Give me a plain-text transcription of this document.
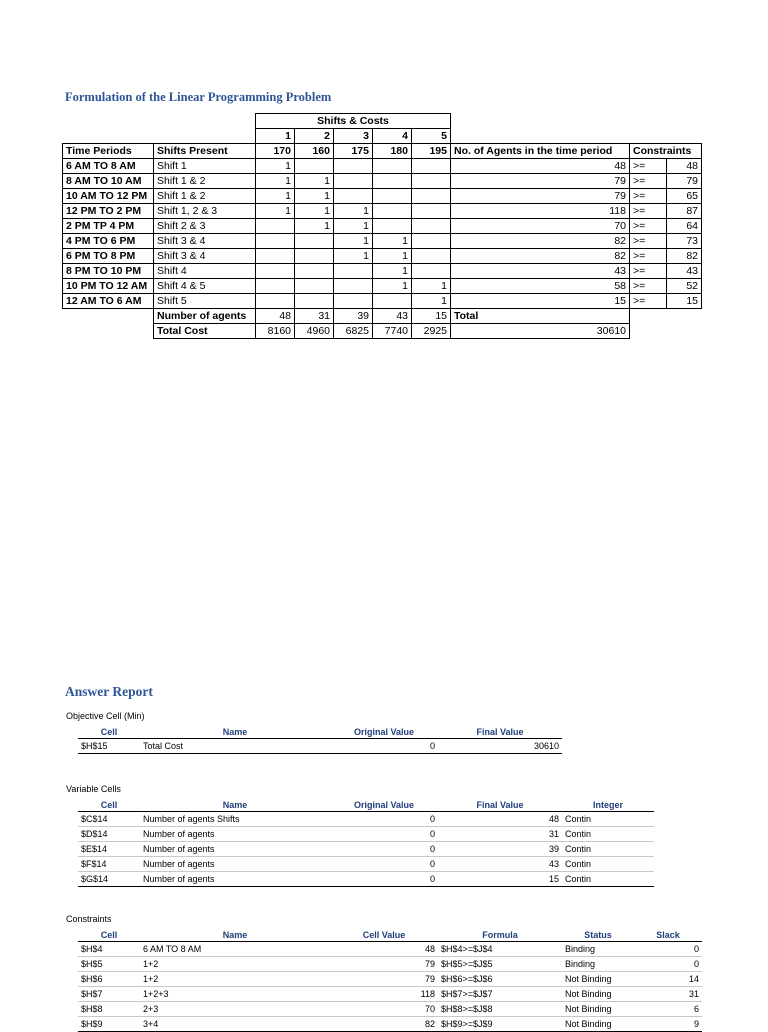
Formulation of the Linear Programming Problem
		Shifts & Costs							
		1	2	3	4	5			
Time Periods	Shifts Present	170	160	175	180	195	No. of Agents in the time period	Constraints	
6 AM TO 8 AM	Shift 1	1					48	>=	48
8 AM TO 10 AM	Shift 1 & 2	1	1				79	>=	79
10 AM TO 12 PM	Shift 1 & 2	1	1				79	>=	65
12 PM TO 2 PM	Shift 1, 2 & 3	1	1	1			118	>=	87
2 PM TP 4 PM	Shift 2 & 3		1	1			70	>=	64
4 PM TO 6 PM	Shift 3 & 4			1	1		82	>=	73
6 PM TO 8 PM	Shift 3 & 4			1	1		82	>=	82
8 PM TO 10 PM	Shift 4				1		43	>=	43
10 PM TO 12 AM	Shift 4 & 5				1	1	58	>=	52
12 AM TO 6 AM	Shift 5					1	15	>=	15
	Number of agents	48	31	39	43	15	Total		
	Total Cost	8160	4960	6825	7740	2925	30610		
Answer Report
Objective Cell (Min)
Cell	Name	Original Value	Final Value
$H$15	Total Cost	0	30610
Variable Cells
Cell	Name	Original Value	Final Value	Integer
$C$14	Number of agents Shifts	0	48	Contin
$D$14	Number of agents	0	31	Contin
$E$14	Number of agents	0	39	Contin
$F$14	Number of agents	0	43	Contin
$G$14	Number of agents	0	15	Contin
Constraints
Cell	Name	Cell Value	Formula	Status	Slack
$H$4	6 AM TO 8 AM	48	$H$4>=$J$4	Binding	0
$H$5	1+2	79	$H$5>=$J$5	Binding	0
$H$6	1+2	79	$H$6>=$J$6	Not Binding	14
$H$7	1+2+3	118	$H$7>=$J$7	Not Binding	31
$H$8	2+3	70	$H$8>=$J$8	Not Binding	6
$H$9	3+4	82	$H$9>=$J$9	Not Binding	9
